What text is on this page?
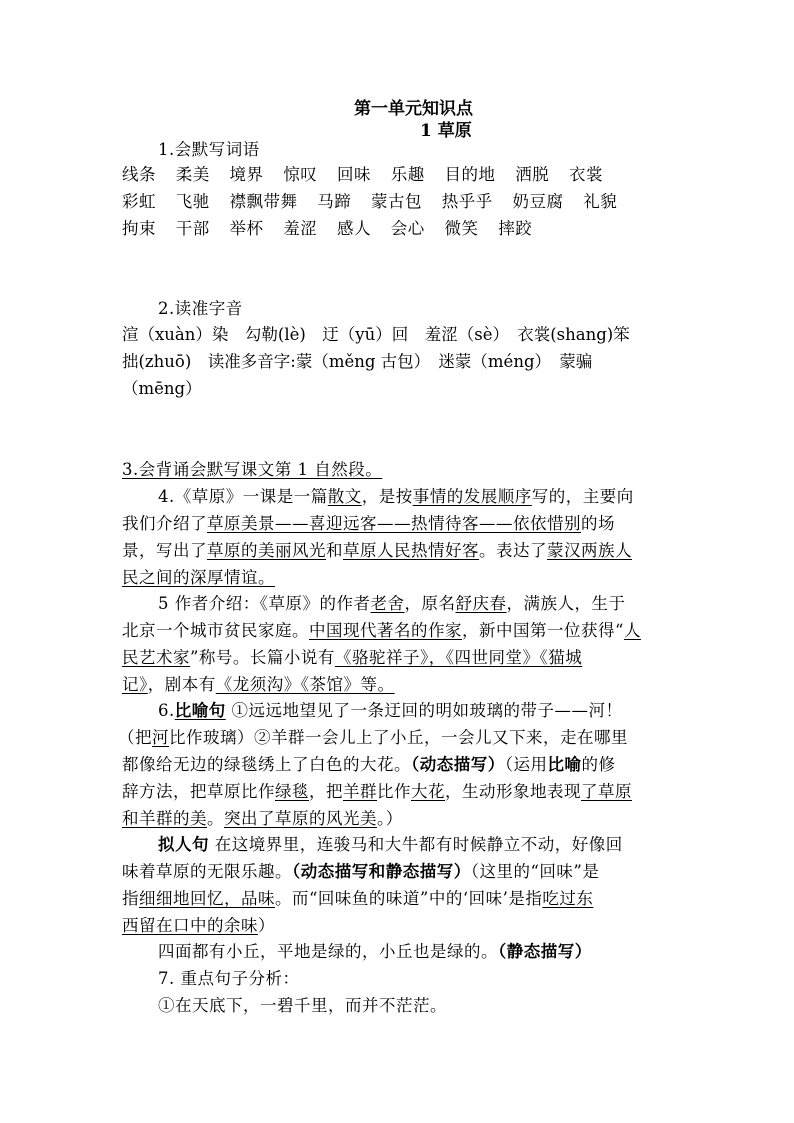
第一单元知识点
1 草原
1.会默写词语
线条 柔美 境界 惊叹 回味 乐趣 目的地 洒脱 衣裳
彩虹 飞驰 襟飘带舞 马蹄 蒙古包 热乎乎 奶豆腐 礼貌
拘束 干部 举杯 羞涩 感人 会心 微笑 摔跤
2.读准字音
渲（xuàn）染　勾勒(lè)　迂（yū）回　羞涩（sè）　衣裳(shang)笨
拙(zhuō)　读准多音字:蒙（měng 古包）　迷蒙（méng）　蒙骗
（mēng）
3.会背诵会默写课文第 1 自然段。
4.《草原》一课是一篇散文，是按事情的发展顺序写的，主要向
我们介绍了草原美景——喜迎远客——热情待客——依依惜别的场
景，写出了草原的美丽风光和草原人民热情好客。表达了蒙汉两族人
民之间的深厚情谊。
5 作者介绍：《草原》的作者老舍，原名舒庆春，满族人，生于
北京一个城市贫民家庭。中国现代著名的作家，新中国第一位获得“人
民艺术家”称号。长篇小说有《骆驼祥子》，《四世同堂》《猫城
记》，剧本有《龙须沟》《茶馆》等。
6.比喻句 ①远远地望见了一条迂回的明如玻璃的带子——河！
（把河比作玻璃）②羊群一会儿上了小丘，一会儿又下来，走在哪里
都像给无边的绿毯绣上了白色的大花。（动态描写）（运用比喻的修
辞方法，把草原比作绿毯，把羊群比作大花，生动形象地表现了草原
和羊群的美。突出了草原的风光美。）
拟人句 在这境界里，连骏马和大牛都有时候静立不动，好像回
味着草原的无限乐趣。（动态描写和静态描写）（这里的“回味”是
指细细地回忆，品味。而“回味鱼的味道”中的‘回味’是指吃过东
西留在口中的余味）
四面都有小丘，平地是绿的，小丘也是绿的。（静态描写）
7. 重点句子分析：
①在天底下，一碧千里，而并不茫茫。
